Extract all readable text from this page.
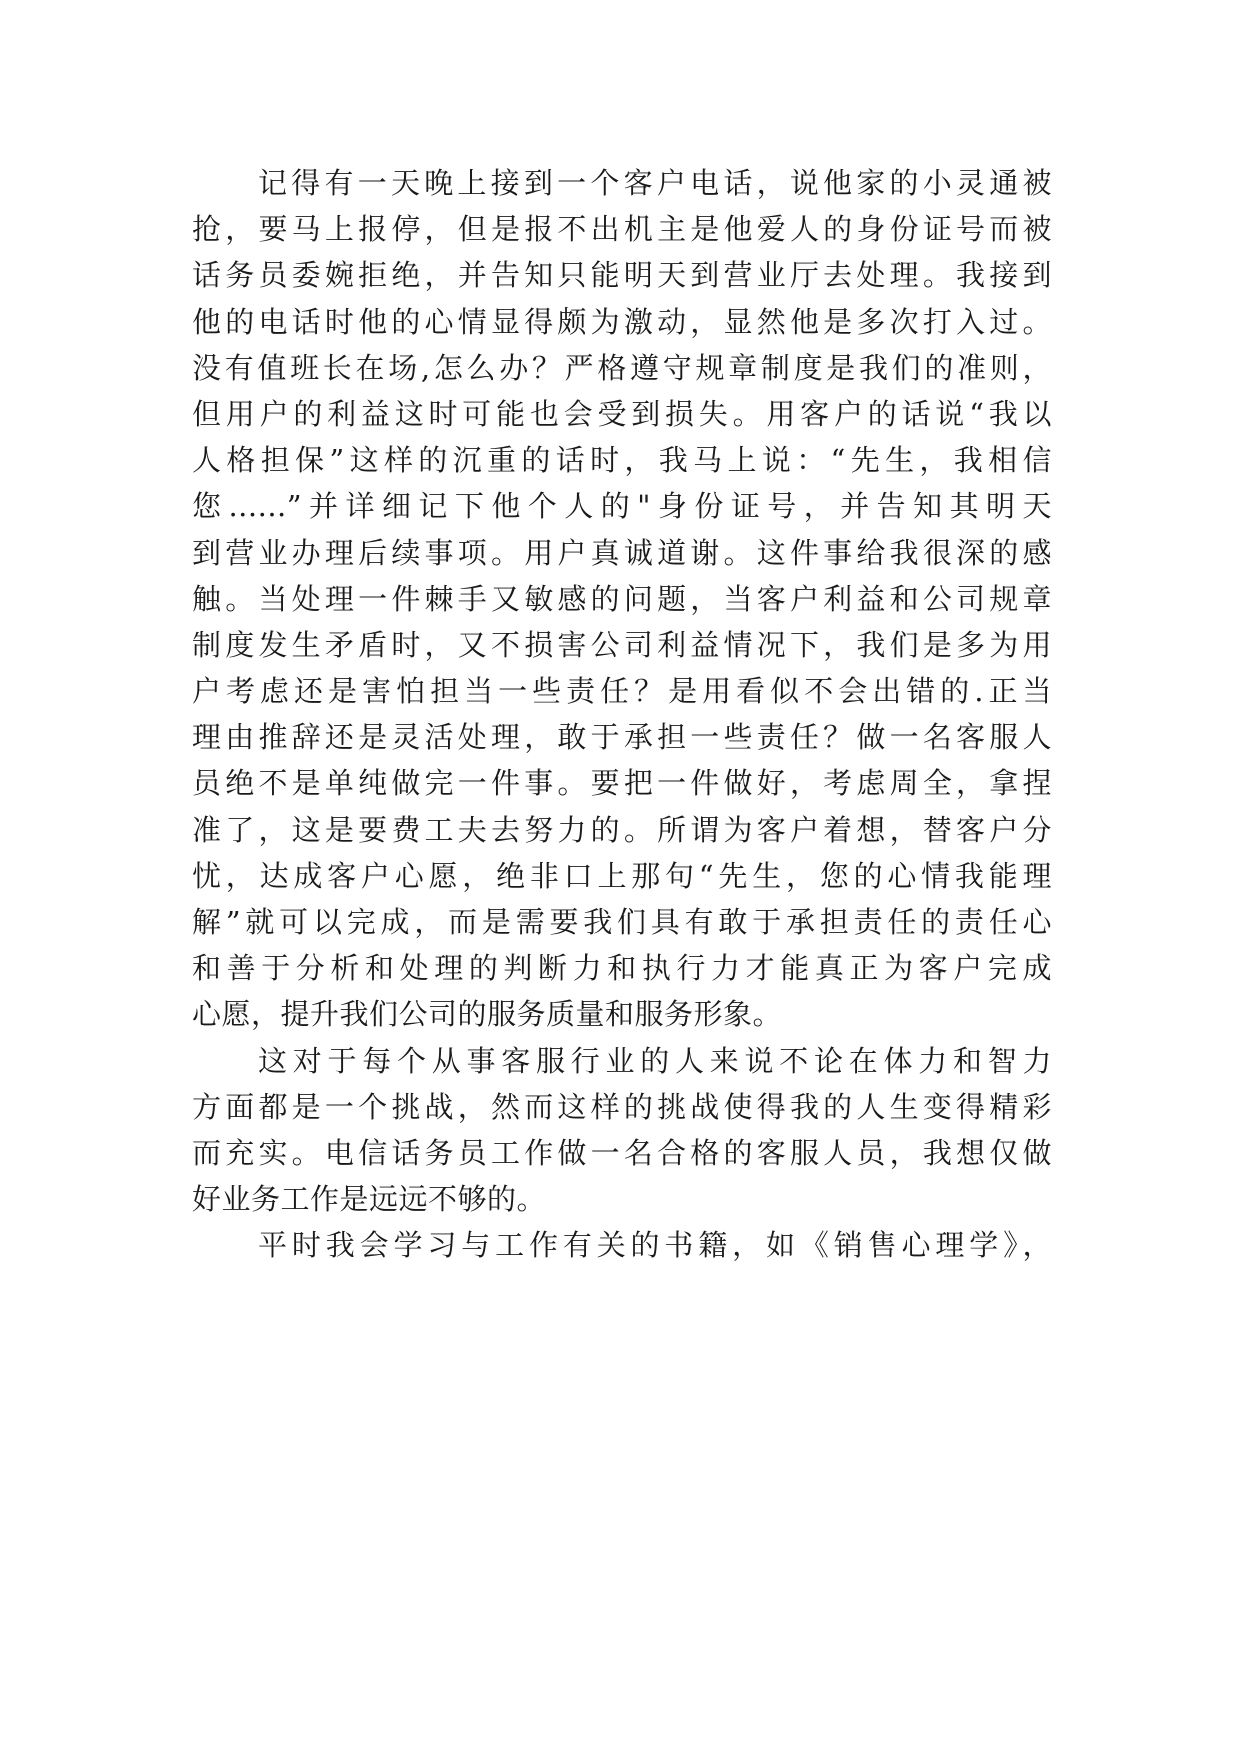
记得有一天晚上接到一个客户电话，说他家的小灵通被
抢，要马上报停，但是报不出机主是他爱人的身份证号而被
话务员委婉拒绝，并告知只能明天到营业厅去处理。我接到
他的电话时他的心情显得颇为激动，显然他是多次打入过。
没有值班长在场,怎么办？严格遵守规章制度是我们的准则，
但用户的利益这时可能也会受到损失。用客户的话说“我以
人格担保”这样的沉重的话时，我马上说：“先生，我相信
您......”并详细记下他个人的"身份证号，并告知其明天
到营业办理后续事项。用户真诚道谢。这件事给我很深的感
触。当处理一件棘手又敏感的问题，当客户利益和公司规章
制度发生矛盾时，又不损害公司利益情况下，我们是多为用
户考虑还是害怕担当一些责任？是用看似不会出错的.正当
理由推辞还是灵活处理，敢于承担一些责任？做一名客服人
员绝不是单纯做完一件事。要把一件做好，考虑周全，拿捏
准了，这是要费工夫去努力的。所谓为客户着想，替客户分
忧，达成客户心愿，绝非口上那句“先生，您的心情我能理
解”就可以完成，而是需要我们具有敢于承担责任的责任心
和善于分析和处理的判断力和执行力才能真正为客户完成
心愿，提升我们公司的服务质量和服务形象。
这对于每个从事客服行业的人来说不论在体力和智力
方面都是一个挑战，然而这样的挑战使得我的人生变得精彩
而充实。电信话务员工作做一名合格的客服人员，我想仅做
好业务工作是远远不够的。
平时我会学习与工作有关的书籍，如《销售心理学》，
